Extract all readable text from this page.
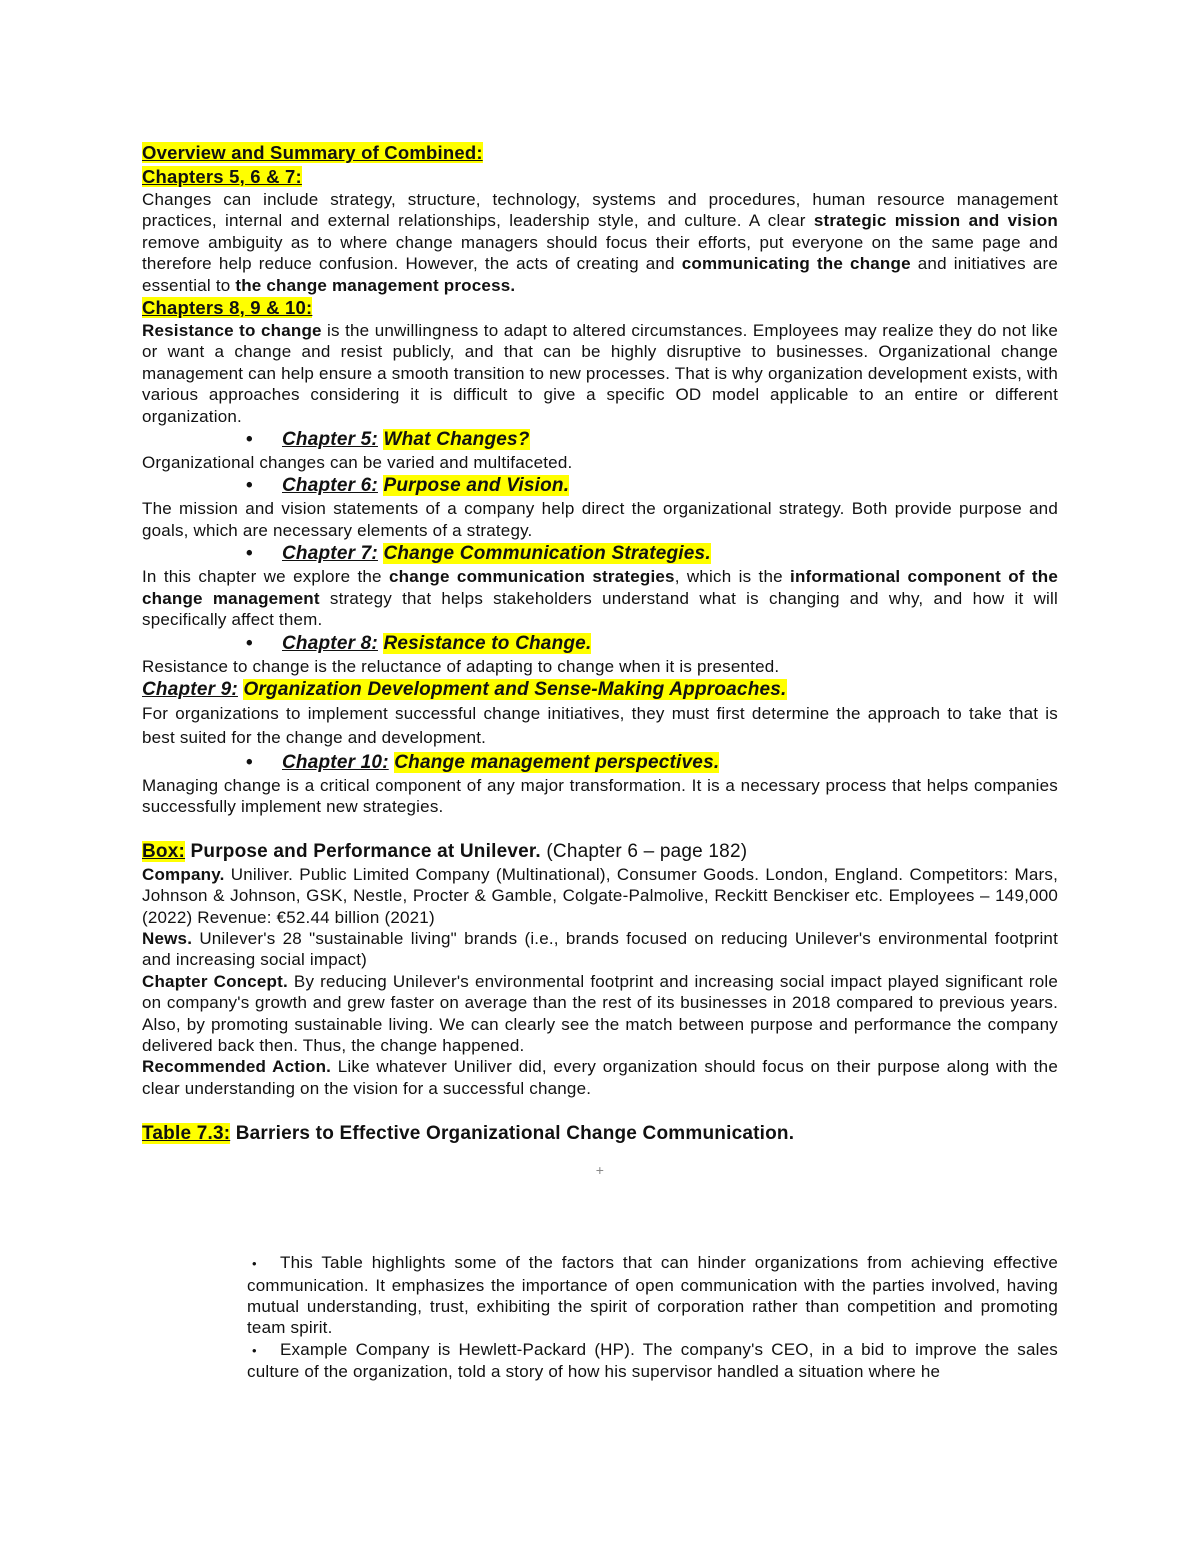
Overview and Summary of Combined:

Chapters 5, 6 & 7:

Changes can include strategy, structure, technology, systems and procedures, human resource management practices, internal and external relationships, leadership style, and culture. A clear strategic mission and vision remove ambiguity as to where change managers should focus their efforts, put everyone on the same page and therefore help reduce confusion. However, the acts of creating and communicating the change and initiatives are essential to the change management process.

Chapters 8, 9 & 10:

Resistance to change is the unwillingness to adapt to altered circumstances. Employees may realize they do not like or want a change and resist publicly, and that can be highly disruptive to businesses. Organizational change management can help ensure a smooth transition to new processes. That is why organization development exists, with various approaches considering it is difficult to give a specific OD model applicable to an entire or different organization.

• Chapter 5: What Changes?

Organizational changes can be varied and multifaceted.

• Chapter 6: Purpose and Vision.

The mission and vision statements of a company help direct the organizational strategy. Both provide purpose and goals, which are necessary elements of a strategy.

• Chapter 7: Change Communication Strategies.

In this chapter we explore the change communication strategies, which is the informational component of the change management strategy that helps stakeholders understand what is changing and why, and how it will specifically affect them.

• Chapter 8: Resistance to Change.

Resistance to change is the reluctance of adapting to change when it is presented.

Chapter 9: Organization Development and Sense-Making Approaches.

For organizations to implement successful change initiatives, they must first determine the approach to take that is best suited for the change and development.

• Chapter 10: Change management perspectives.

Managing change is a critical component of any major transformation. It is a necessary process that helps companies successfully implement new strategies.

Box: Purpose and Performance at Unilever. (Chapter 6 – page 182)

Company. Uniliver. Public Limited Company (Multinational), Consumer Goods. London, England. Competitors: Mars, Johnson & Johnson, GSK, Nestle, Procter & Gamble, Colgate-Palmolive, Reckitt Benckiser etc. Employees – 149,000 (2022) Revenue: €52.44 billion (2021)

News. Unilever's 28 "sustainable living" brands (i.e., brands focused on reducing Unilever's environmental footprint and increasing social impact)

Chapter Concept. By reducing Unilever's environmental footprint and increasing social impact played significant role on company's growth and grew faster on average than the rest of its businesses in 2018 compared to previous years. Also, by promoting sustainable living. We can clearly see the match between purpose and performance the company delivered back then. Thus, the change happened.

Recommended Action. Like whatever Uniliver did, every organization should focus on their purpose along with the clear understanding on the vision for a successful change.

Table 7.3: Barriers to Effective Organizational Change Communication.

+

• This Table highlights some of the factors that can hinder organizations from achieving effective communication. It emphasizes the importance of open communication with the parties involved, having mutual understanding, trust, exhibiting the spirit of corporation rather than competition and promoting team spirit.

• Example Company is Hewlett-Packard (HP). The company's CEO, in a bid to improve the sales culture of the organization, told a story of how his supervisor handled a situation where he
